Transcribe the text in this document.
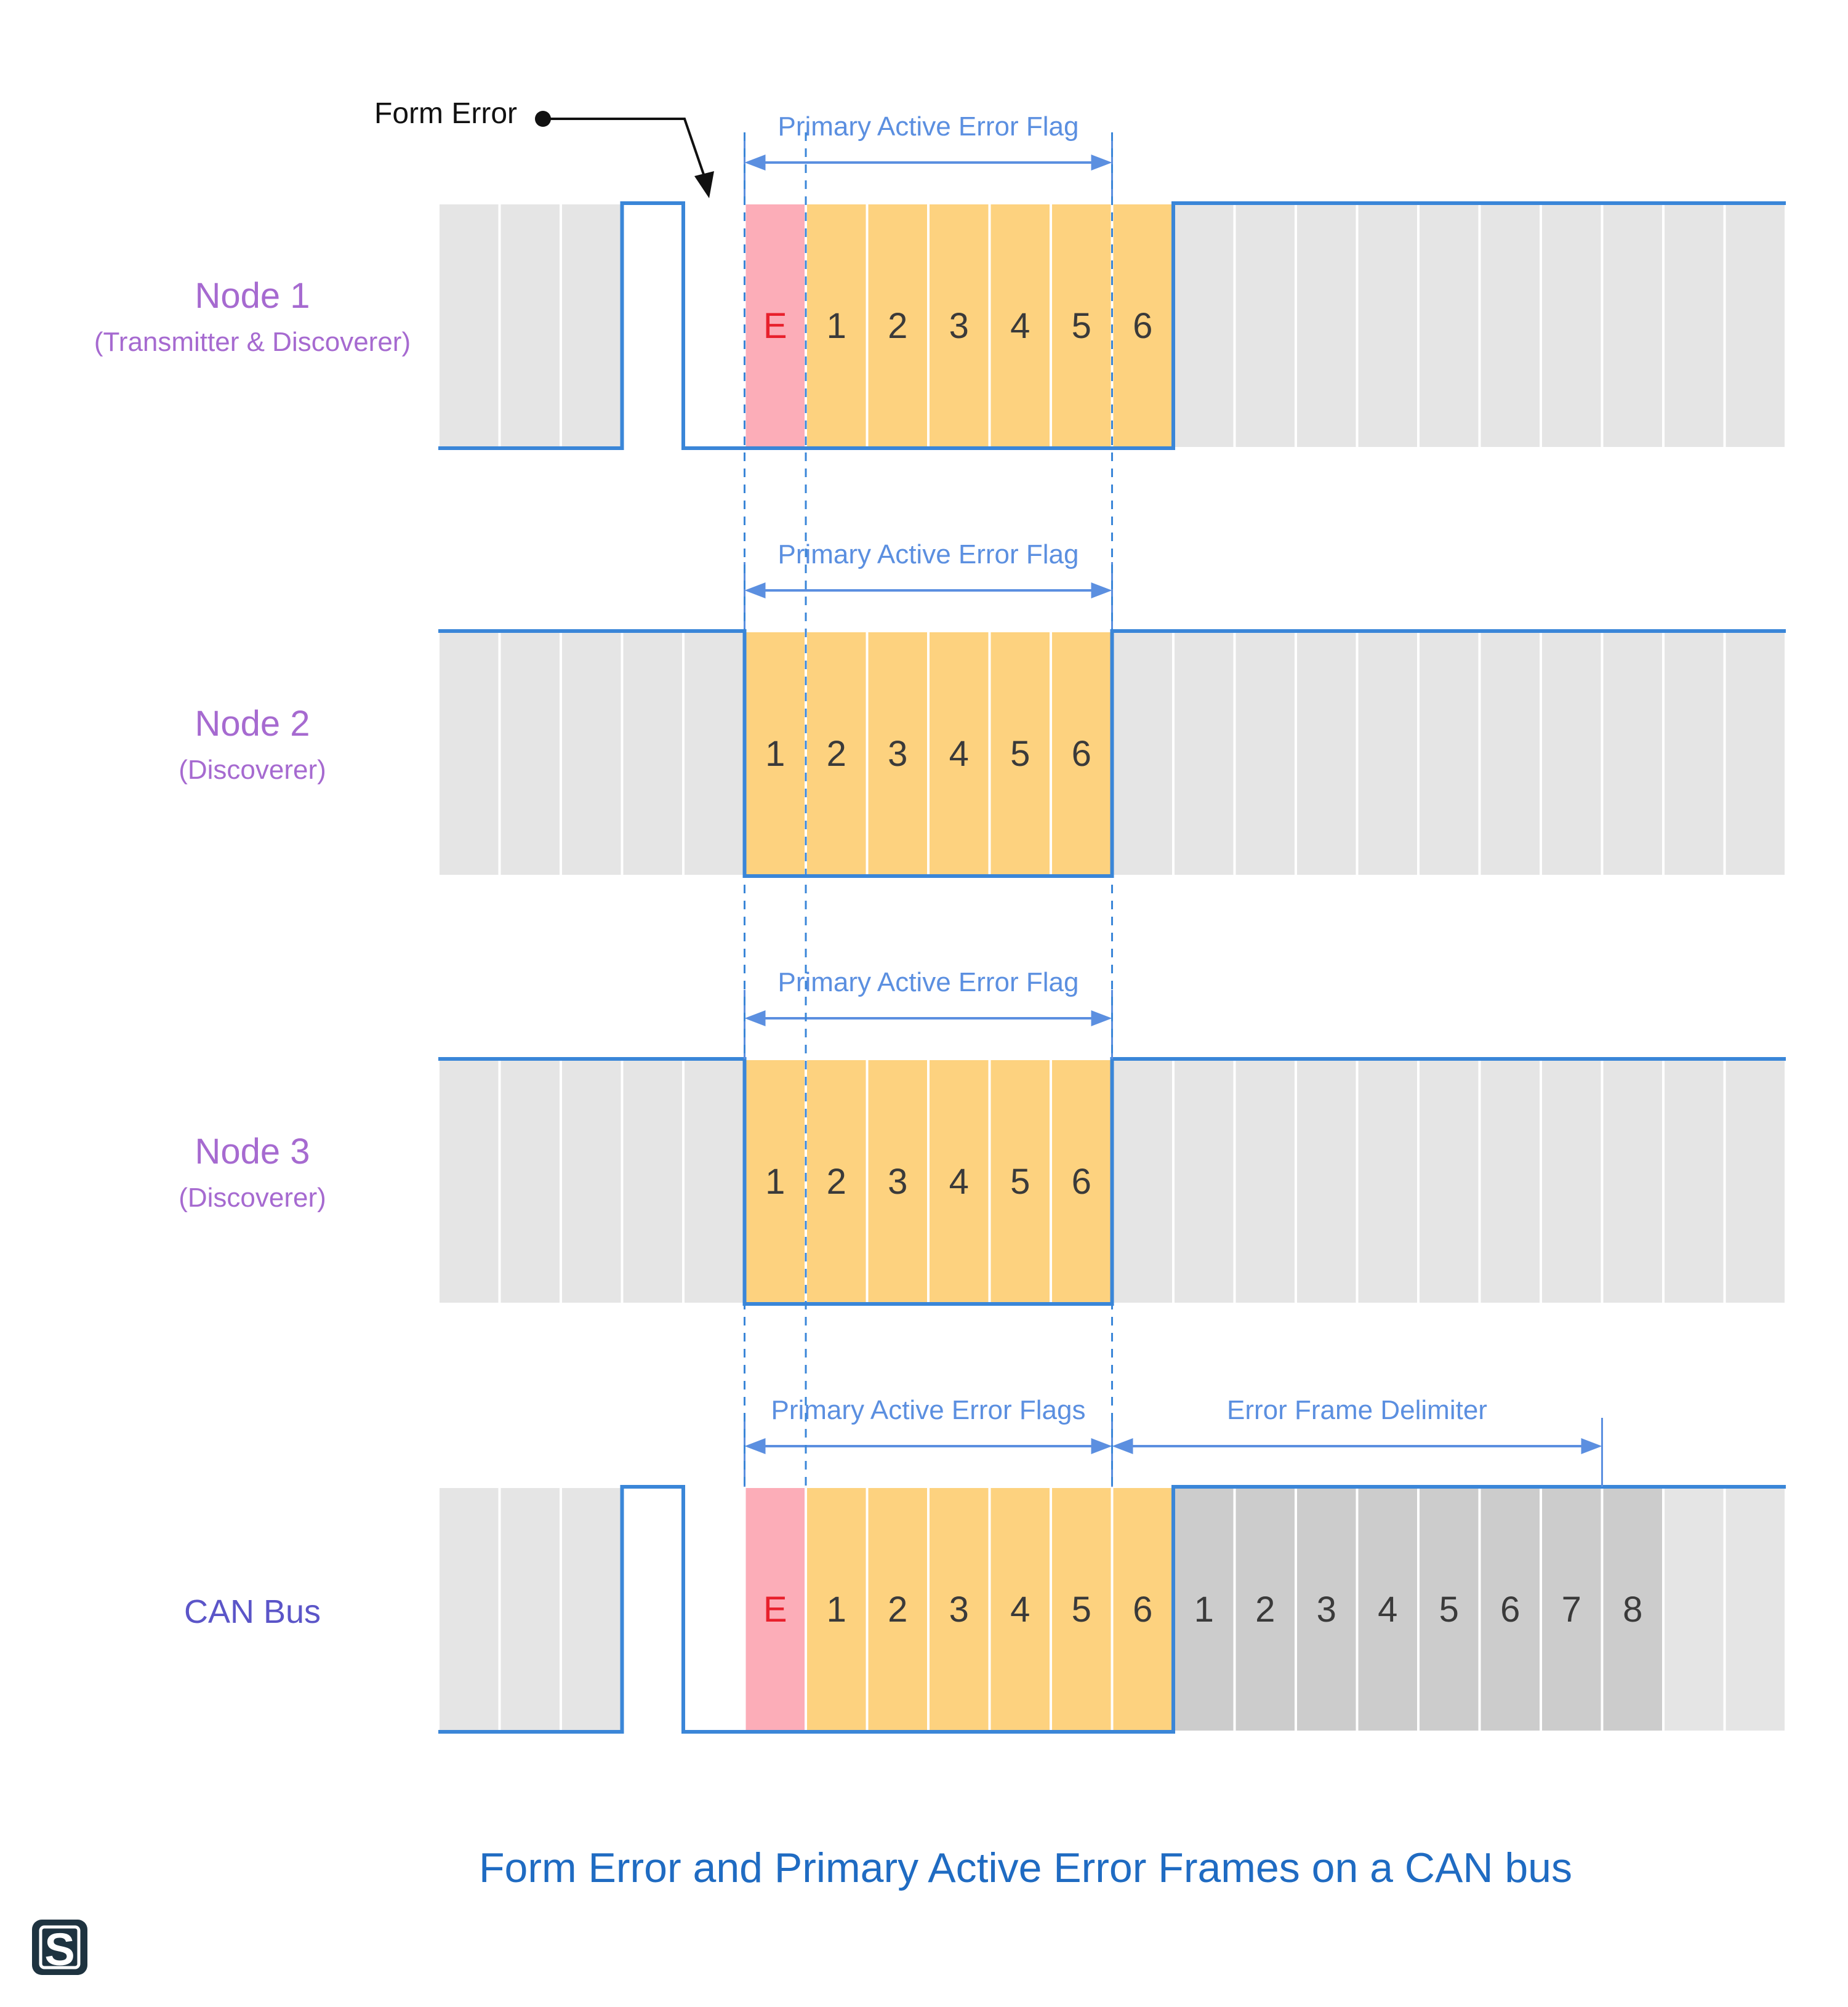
E 1 2 3 4 5 6
Node 1
(Transmitter & Discoverer)
Primary Active Error Flag
1 2 3 4 5 6
Node 2
(Discoverer)
Primary Active Error Flag
1 2 3 4 5 6
Node 3
(Discoverer)
Primary Active Error Flag
E 1 2 3 4 5 6 1 2 3 4 5 6 7 8
CAN Bus
Primary Active Error Flags	Error Frame Delimiter
Form Error
Form Error and Primary Active Error Frames on a CAN bus
S
